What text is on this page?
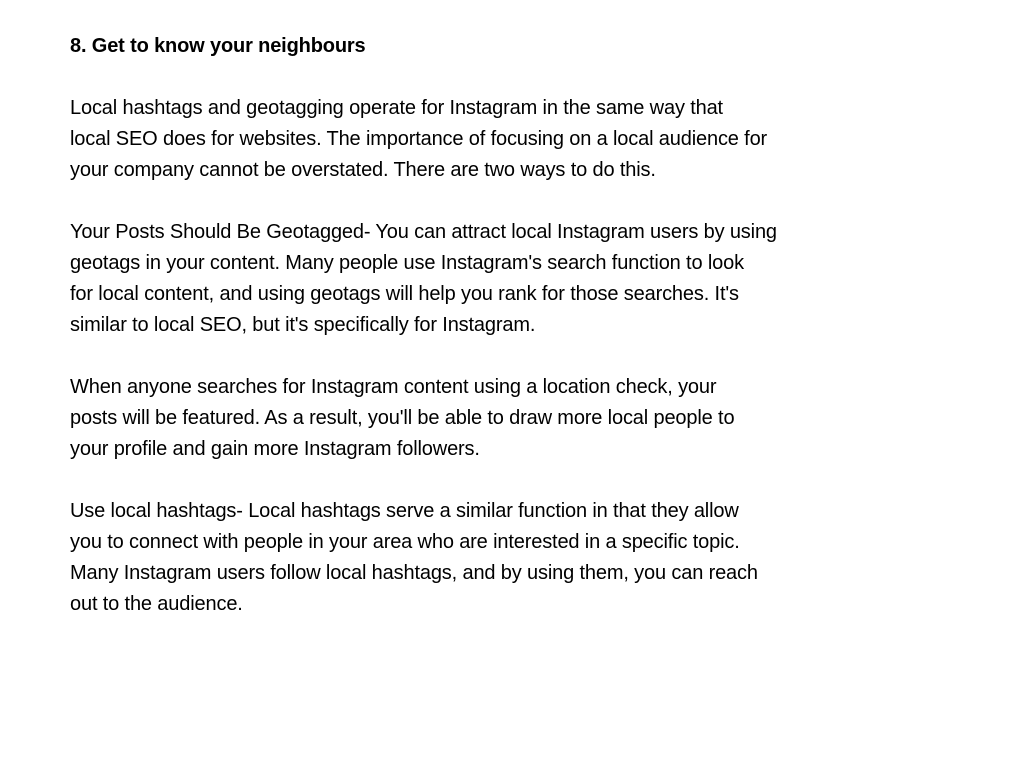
8. Get to know your neighbours
Local hashtags and geotagging operate for Instagram in the same way that
local SEO does for websites. The importance of focusing on a local audience for
your company cannot be overstated. There are two ways to do this.
Your Posts Should Be Geotagged- You can attract local Instagram users by using
geotags in your content. Many people use Instagram's search function to look
for local content, and using geotags will help you rank for those searches. It's
similar to local SEO, but it's specifically for Instagram.
When anyone searches for Instagram content using a location check, your
posts will be featured. As a result, you'll be able to draw more local people to
your profile and gain more Instagram followers.
Use local hashtags- Local hashtags serve a similar function in that they allow
you to connect with people in your area who are interested in a specific topic.
Many Instagram users follow local hashtags, and by using them, you can reach
out to the audience.
